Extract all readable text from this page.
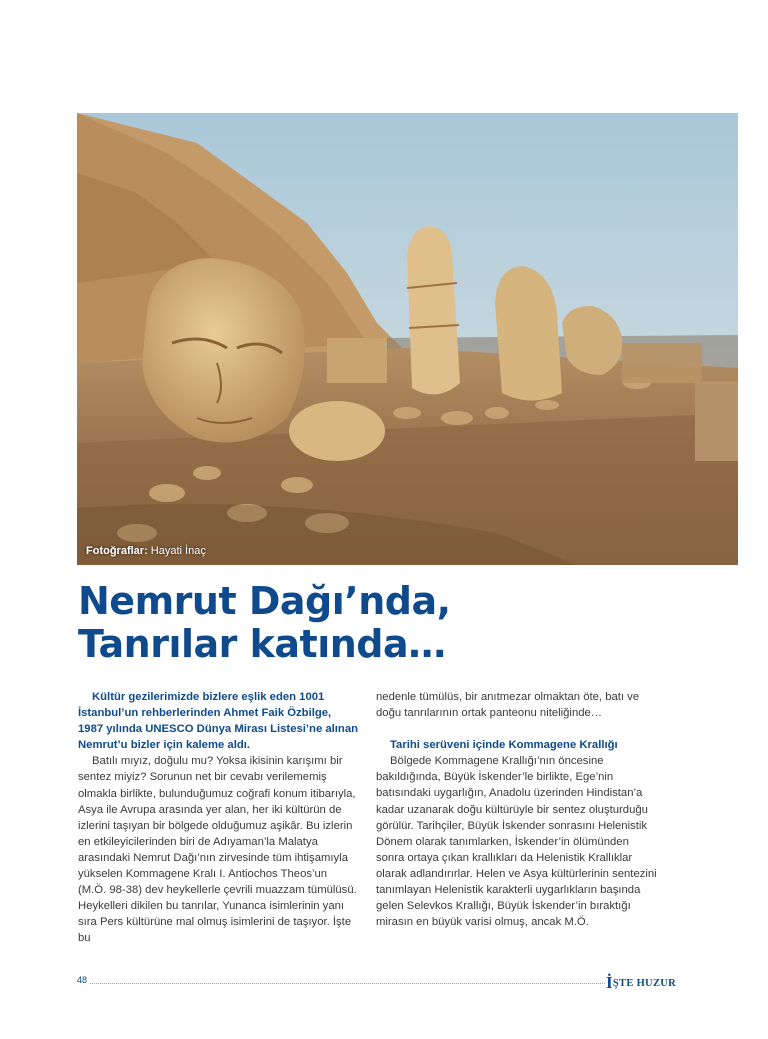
Fotoğraflar: Hayati İnaç
Nemrut Dağı’nda,
Tanrılar katında…

Kültür gezilerimizde bizlere eşlik eden 1001 İstanbul’un rehberlerinden Ahmet Faik Özbilge, 1987 yılında UNESCO Dünya Mirası Listesi’ne alınan Nemrut’u bizler için kaleme aldı.

Batılı mıyız, doğulu mu? Yoksa ikisinin karışımı bir sentez miyiz? Sorunun net bir cevabı verilememiş olmakla birlikte, bulunduğumuz coğrafi konum itibarıyla, Asya ile Avrupa arasında yer alan, her iki kültürün de izlerini taşıyan bir bölgede olduğumuz aşikâr. Bu izlerin en etkileyicilerinden biri de Adıyaman’la Malatya arasındaki Nemrut Dağı’nın zirvesinde tüm ihtişamıyla yükselen Kommagene Kralı I. Antiochos Theos’un (M.Ö. 98-38) dev heykellerle çevrili muazzam tümülüsü. Heykelleri dikilen bu tanrılar, Yunanca isimlerinin yanı sıra Pers kültürüne mal olmuş isimlerini de taşıyor. İşte bu

nedenle tümülüs, bir anıtmezar olmaktan öte, batı ve doğu tanrılarının ortak panteonu niteliğinde…

Tarihi serüveni içinde Kommagene Krallığı

Bölgede Kommagene Krallığı’nın öncesine bakıldığında, Büyük İskender’le birlikte, Ege’nin batısındaki uygarlığın, Anadolu üzerinden Hindistan’a kadar uzanarak doğu kültürüyle bir sentez oluşturduğu görülür. Tarihçiler, Büyük İskender sonrasını Helenistik Dönem olarak tanımlarken, İskender’in ölümünden sonra ortaya çıkan krallıkları da Helenistik Krallıklar olarak adlandırırlar. Helen ve Asya kültürlerinin sentezini tanımlayan Helenistik karakterli uygarlıkların başında gelen Selevkos Krallığı, Büyük İskender’in bıraktığı mirasın en büyük varisi olmuş, ancak M.Ö.

48	İŞTE HUZUR
